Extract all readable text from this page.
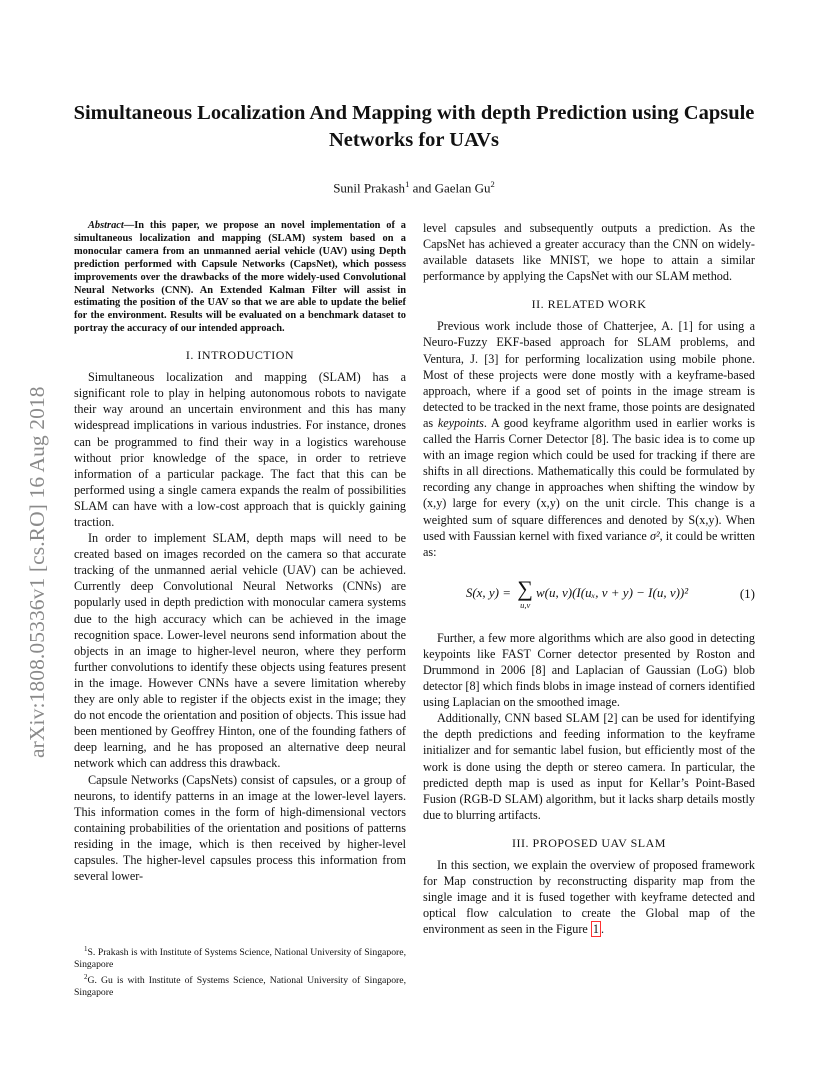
Simultaneous Localization And Mapping with depth Prediction using Capsule Networks for UAVs
Sunil Prakash$^1$ and Gaelan Gu$^2$
arXiv:1808.05336v1 [cs.RO] 16 Aug 2018

Abstract—In this paper, we propose an novel implementation of a simultaneous localization and mapping (SLAM) system based on a monocular camera from an unmanned aerial vehicle (UAV) using Depth prediction performed with Capsule Networks (CapsNet), which possess improvements over the drawbacks of the more widely-used Convolutional Neural Networks (CNN). An Extended Kalman Filter will assist in estimating the position of the UAV so that we are able to update the belief for the environment. Results will be evaluated on a benchmark dataset to portray the accuracy of our intended approach.

I. INTRODUCTION

Simultaneous localization and mapping (SLAM) has a significant role to play in helping autonomous robots to navigate their way around an uncertain environment and this has many widespread implications in various industries. For instance, drones can be programmed to find their way in a logistics warehouse without prior knowledge of the space, in order to retrieve information of a particular package. The fact that this can be performed using a single camera expands the realm of possibilities SLAM can have with a low-cost approach that is quickly gaining traction.

In order to implement SLAM, depth maps will need to be created based on images recorded on the camera so that accurate tracking of the unmanned aerial vehicle (UAV) can be achieved. Currently deep Convolutional Neural Networks (CNNs) are popularly used in depth prediction with monocular camera systems due to the high accuracy which can be achieved in the image recognition space. Lower-level neurons send information about the objects in an image to higher-level neuron, where they perform further convolutions to identify these objects using features present in the image. However CNNs have a severe limitation whereby they are only able to register if the objects exist in the image; they do not encode the orientation and position of objects. This issue had been mentioned by Geoffrey Hinton, one of the founding fathers of deep learning, and he has proposed an alternative deep neural network which can address this drawback.

Capsule Networks (CapsNets) consist of capsules, or a group of neurons, to identify patterns in an image at the lower-level layers. This information comes in the form of high-dimensional vectors containing probabilities of the orientation and positions of patterns residing in the image, which is then received by higher-level capsules. The higher-level capsules process this information from several lower-

$^1$S. Prakash is with Institute of Systems Science, National University of Singapore, Singapore

$^2$G. Gu is with Institute of Systems Science, National University of Singapore, Singapore

level capsules and subsequently outputs a prediction. As the CapsNet has achieved a greater accuracy than the CNN on widely-available datasets like MNIST, we hope to attain a similar performance by applying the CapsNet with our SLAM method.

II. RELATED WORK

Previous work include those of Chatterjee, A. [1] for using a Neuro-Fuzzy EKF-based approach for SLAM problems, and Ventura, J. [3] for performing localization using mobile phone. Most of these projects were done mostly with a keyframe-based approach, where if a good set of points in the image stream is detected to be tracked in the next frame, those points are designated as keypoints. A good keyframe algorithm used in earlier works is called the Harris Corner Detector [8]. The basic idea is to come up with an image region which could be used for tracking if there are shifts in all directions. Mathematically this could be formulated by recording any change in approaches when shifting the window by (x,y) large for every (x,y) on the unit circle. This change is a weighted sum of square differences and denoted by S(x,y). When used with Faussian kernel with fixed variance σ², it could be written as:

S(x, y) = ∑
u,v
w(u, v)(I(uₓ, v + y) − I(u, v))²	(1)

Further, a few more algorithms which are also good in detecting keypoints like FAST Corner detector presented by Roston and Drummond in 2006 [8] and Laplacian of Gaussian (LoG) blob detector [8] which finds blobs in image instead of corners identified using Laplacian on the smoothed image.

Additionally, CNN based SLAM [2] can be used for identifying the depth predictions and feeding information to the keyframe initializer and for semantic label fusion, but efficiently most of the work is done using the depth or stereo camera. In particular, the predicted depth map is used as input for Kellar’s Point-Based Fusion (RGB-D SLAM) algorithm, but it lacks sharp details mostly due to blurring artifacts.

III. PROPOSED UAV SLAM

In this section, we explain the overview of proposed framework for Map construction by reconstructing disparity map from the single image and it is fused together with keyframe detected and optical flow calculation to create the Global map of the environment as seen in the Figure 1 .
